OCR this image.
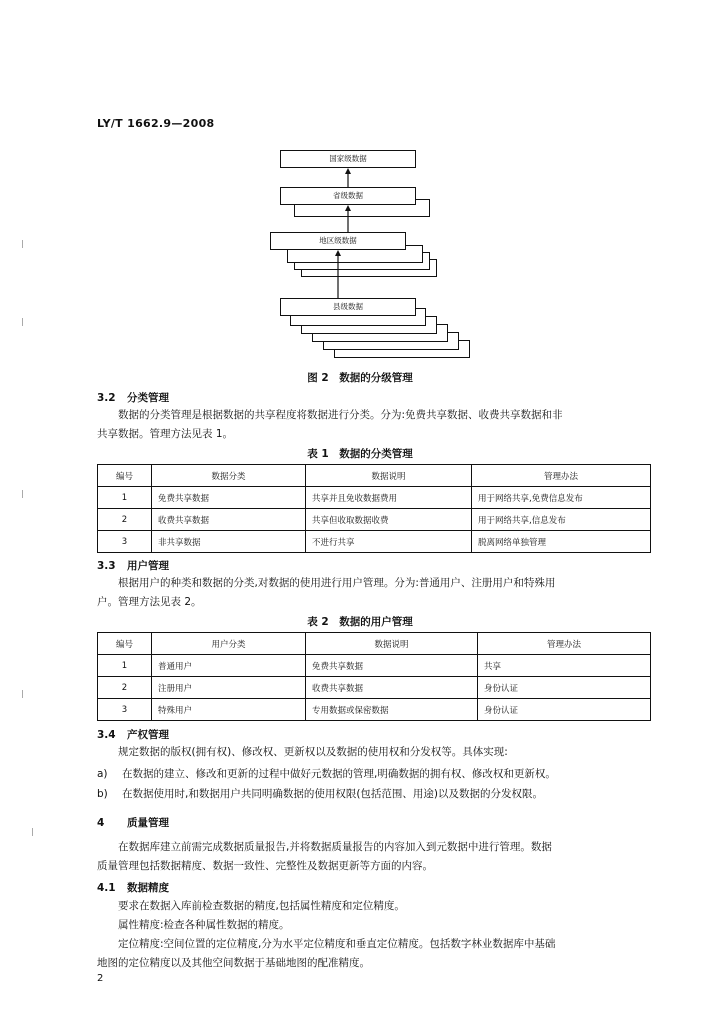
LY/T 1662.9—2008
国家级数据
省级数据
地区级数据
县级数据
图 2　数据的分级管理
3.2 分类管理
数据的分类管理是根据数据的共享程度将数据进行分类。分为:免费共享数据、收费共享数据和非
共享数据。管理方法见表 1。
表 1　数据的分类管理
编号	数据分类	数据说明	管理办法
1	免费共享数据	共享并且免收数据费用	用于网络共享,免费信息发布
2	收费共享数据	共享但收取数据收费	用于网络共享,信息发布
3	非共享数据	不进行共享	脱离网络单独管理
3.3 用户管理
根据用户的种类和数据的分类,对数据的使用进行用户管理。分为:普通用户、注册用户和特殊用
户。管理方法见表 2。
表 2　数据的用户管理
编号	用户分类	数据说明	管理办法
1	普通用户	免费共享数据	共享
2	注册用户	收费共享数据	身份认证
3	特殊用户	专用数据或保密数据	身份认证
3.4 产权管理
规定数据的版权(拥有权)、修改权、更新权以及数据的使用权和分发权等。具体实现:
a) 在数据的建立、修改和更新的过程中做好元数据的管理,明确数据的拥有权、修改权和更新权。
b) 在数据使用时,和数据用户共同明确数据的使用权限(包括范围、用途)以及数据的分发权限。
4 质量管理
在数据库建立前需完成数据质量报告,并将数据质量报告的内容加入到元数据中进行管理。数据
质量管理包括数据精度、数据一致性、完整性及数据更新等方面的内容。
4.1 数据精度
要求在数据入库前检查数据的精度,包括属性精度和定位精度。
属性精度:检查各种属性数据的精度。
定位精度:空间位置的定位精度,分为水平定位精度和垂直定位精度。包括数字林业数据库中基础
地图的定位精度以及其他空间数据于基础地图的配准精度。
2
